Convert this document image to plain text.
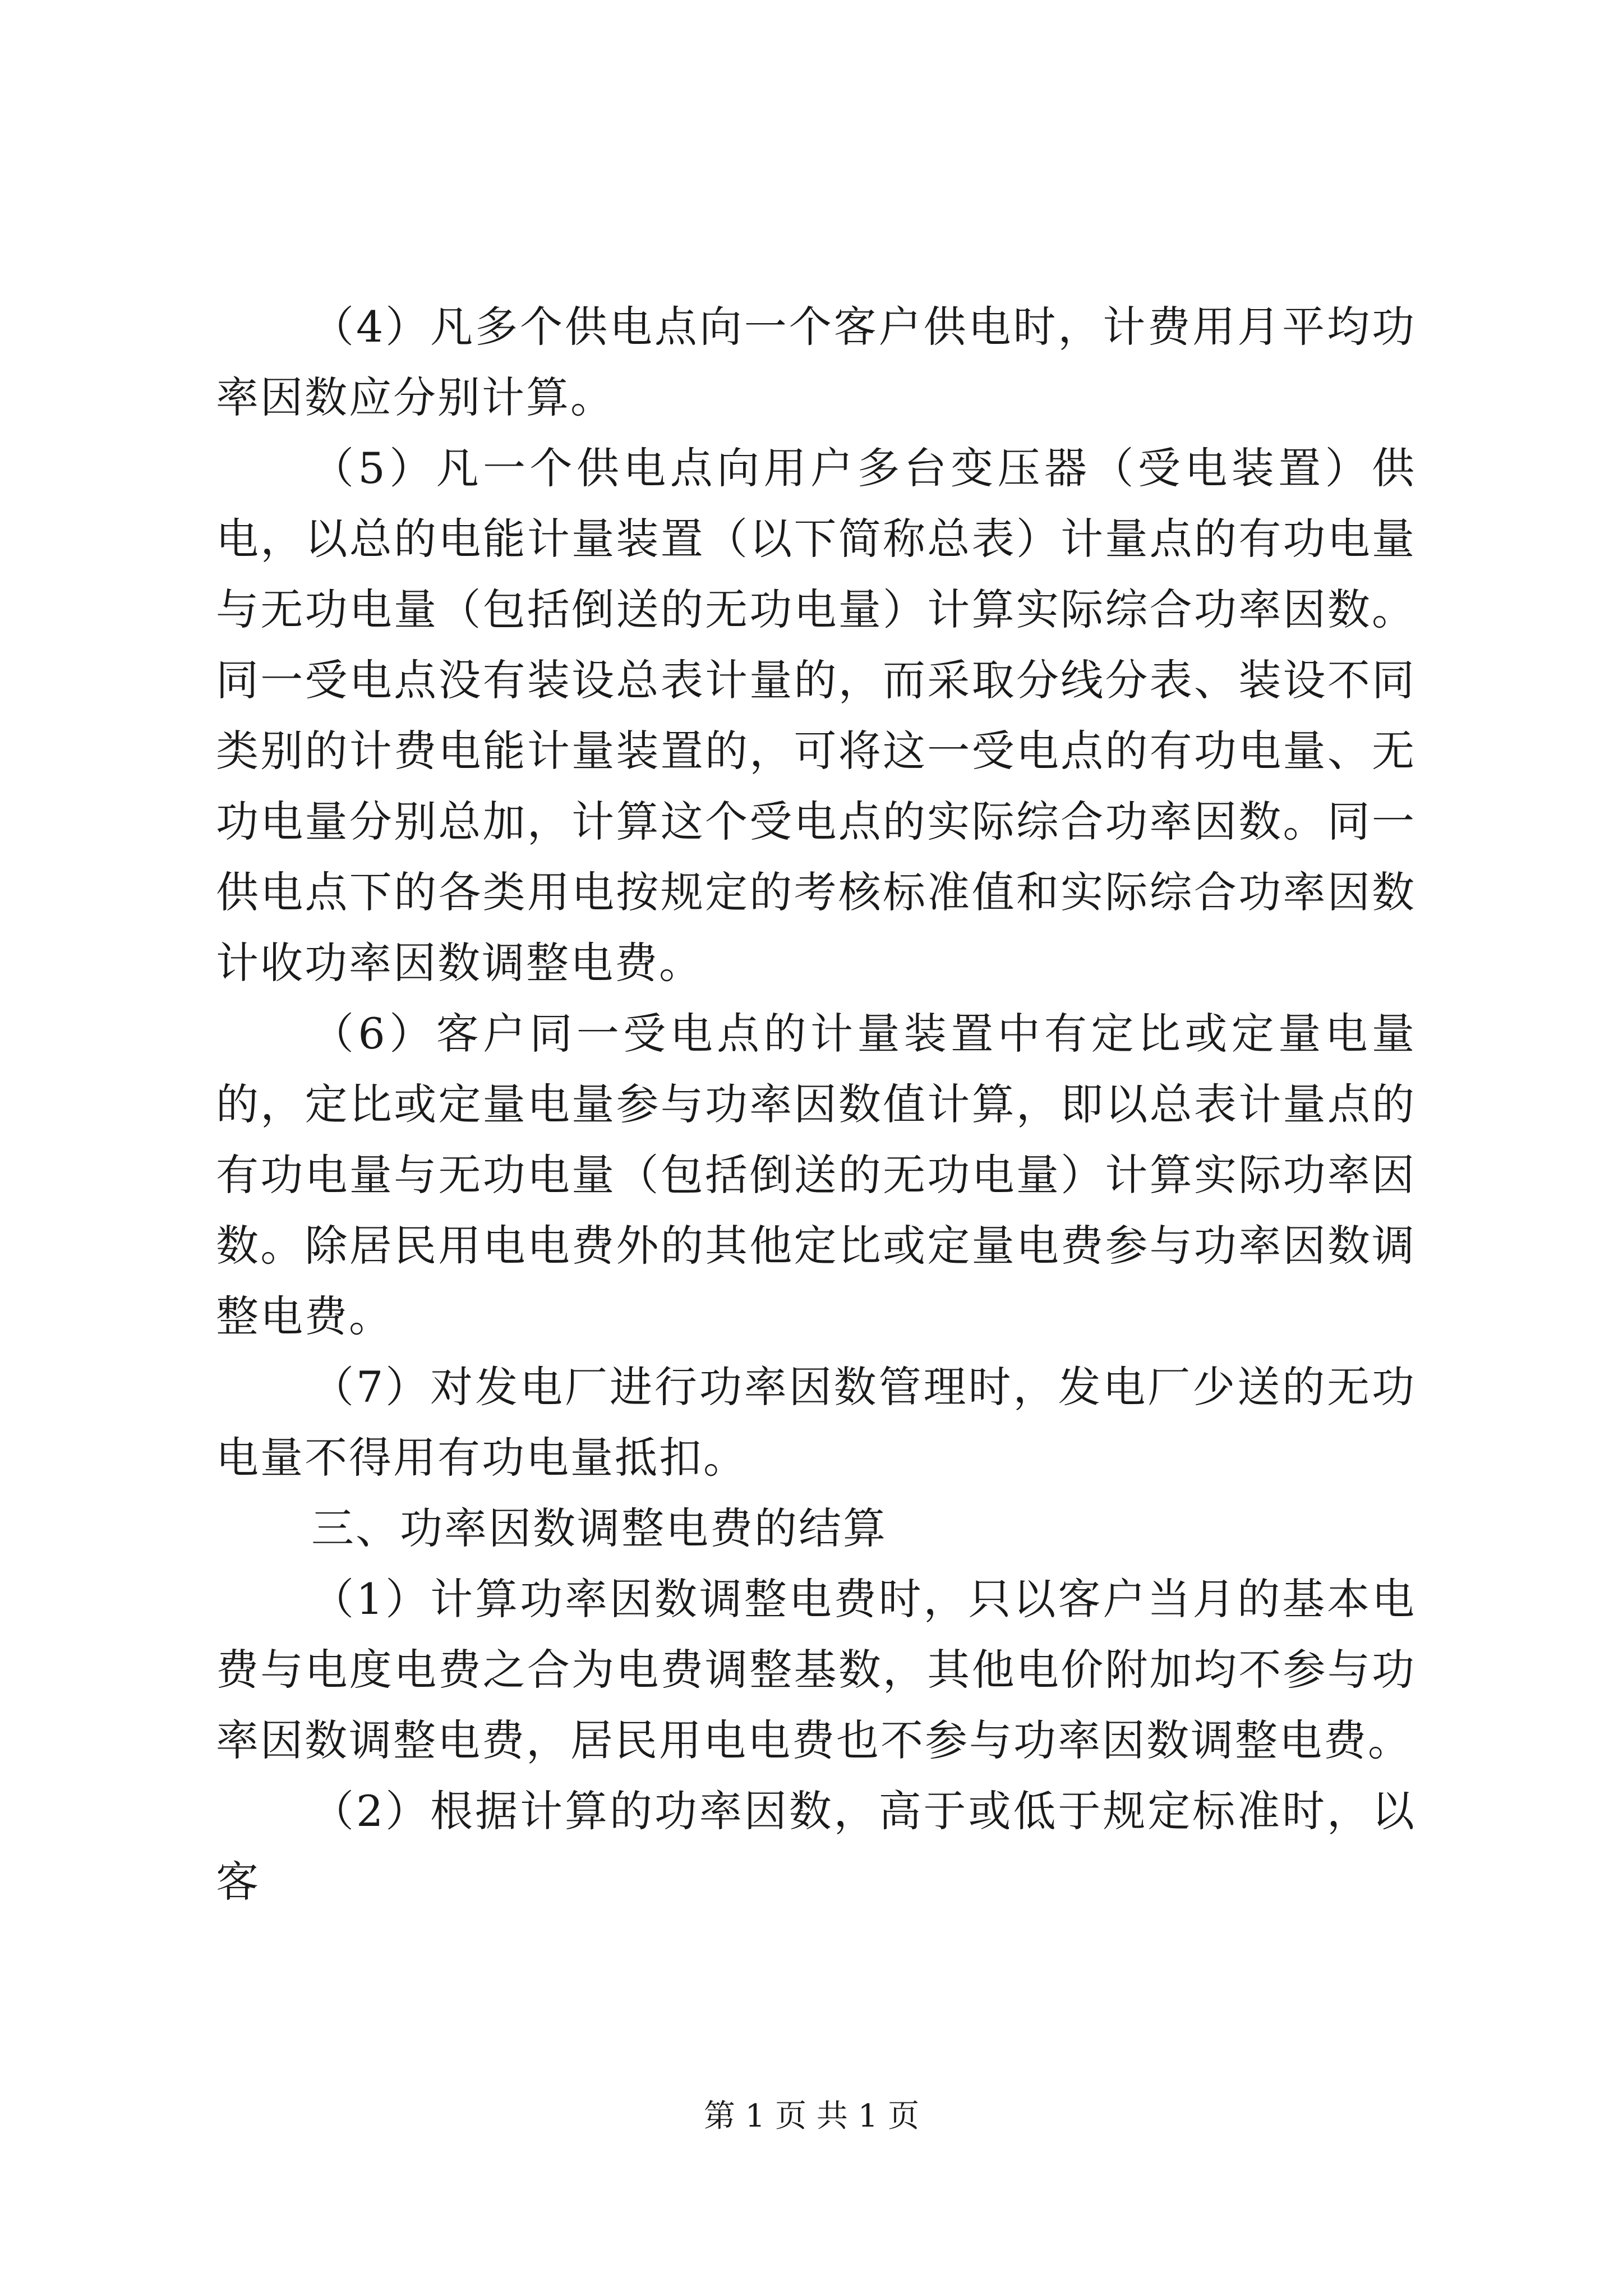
（4）凡多个供电点向一个客户供电时，计费用月平均功率因数应分别计算。

（5）凡一个供电点向用户多台变压器（受电装置）供电，以总的电能计量装置（以下简称总表）计量点的有功电量与无功电量（包括倒送的无功电量）计算实际综合功率因数。同一受电点没有装设总表计量的，而采取分线分表、装设不同类别的计费电能计量装置的，可将这一受电点的有功电量、无功电量分别总加，计算这个受电点的实际综合功率因数。同一供电点下的各类用电按规定的考核标准值和实际综合功率因数计收功率因数调整电费。

（6）客户同一受电点的计量装置中有定比或定量电量的，定比或定量电量参与功率因数值计算，即以总表计量点的有功电量与无功电量（包括倒送的无功电量）计算实际功率因数。除居民用电电费外的其他定比或定量电费参与功率因数调整电费。

（7）对发电厂进行功率因数管理时，发电厂少送的无功电量不得用有功电量抵扣。

三、功率因数调整电费的结算

（1）计算功率因数调整电费时，只以客户当月的基本电费与电度电费之合为电费调整基数，其他电价附加均不参与功率因数调整电费，居民用电电费也不参与功率因数调整电费。

（2）根据计算的功率因数，高于或低于规定标准时，以客

第 1 页 共 1 页
